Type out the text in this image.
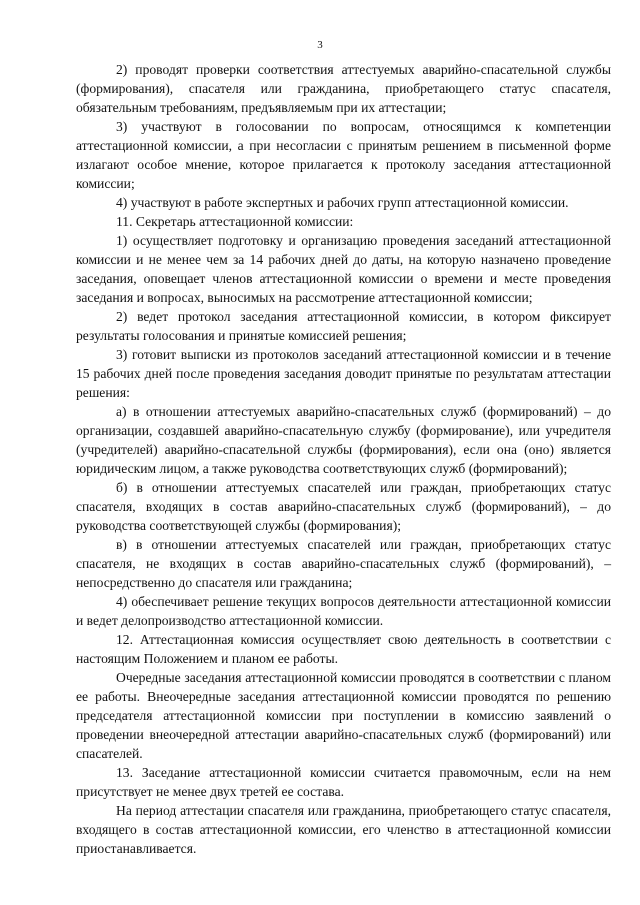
3

2) проводят проверки соответствия аттестуемых аварийно-спасательной службы (формирования), спасателя или гражданина, приобретающего статус спасателя, обязательным требованиям, предъявляемым при их аттестации;

3) участвуют в голосовании по вопросам, относящимся к компетенции аттестационной комиссии, а при несогласии с принятым решением в письменной форме излагают особое мнение, которое прилагается к протоколу заседания аттестационной комиссии;

4) участвуют в работе экспертных и рабочих групп аттестационной комиссии.

11. Секретарь аттестационной комиссии:

1) осуществляет подготовку и организацию проведения заседаний аттестационной комиссии и не менее чем за 14 рабочих дней до даты, на которую назначено проведение заседания, оповещает членов аттестационной комиссии о времени и месте проведения заседания и вопросах, выносимых на рассмотрение аттестационной комиссии;

2) ведет протокол заседания аттестационной комиссии, в котором фиксирует результаты голосования и принятые комиссией решения;

3) готовит выписки из протоколов заседаний аттестационной комиссии и в течение 15 рабочих дней после проведения заседания доводит принятые по результатам аттестации решения:

а) в отношении аттестуемых аварийно-спасательных служб (формирований) – до организации, создавшей аварийно-спасательную службу (формирование), или учредителя (учредителей) аварийно-спасательной службы (формирования), если она (оно) является юридическим лицом, а также руководства соответствующих служб (формирований);

б) в отношении аттестуемых спасателей или граждан, приобретающих статус спасателя, входящих в состав аварийно-спасательных служб (формирований), – до руководства соответствующей службы (формирования);

в) в отношении аттестуемых спасателей или граждан, приобретающих статус спасателя, не входящих в состав аварийно-спасательных служб (формирований), – непосредственно до спасателя или гражданина;

4) обеспечивает решение текущих вопросов деятельности аттестационной комиссии и ведет делопроизводство аттестационной комиссии.

12. Аттестационная комиссия осуществляет свою деятельность в соответствии с настоящим Положением и планом ее работы.

Очередные заседания аттестационной комиссии проводятся в соответствии с планом ее работы. Внеочередные заседания аттестационной комиссии проводятся по решению председателя аттестационной комиссии при поступлении в комиссию заявлений о проведении внеочередной аттестации аварийно-спасательных служб (формирований) или спасателей.

13. Заседание аттестационной комиссии считается правомочным, если на нем присутствует не менее двух третей ее состава.

На период аттестации спасателя или гражданина, приобретающего статус спасателя, входящего в состав аттестационной комиссии, его членство в аттестационной комиссии приостанавливается.
